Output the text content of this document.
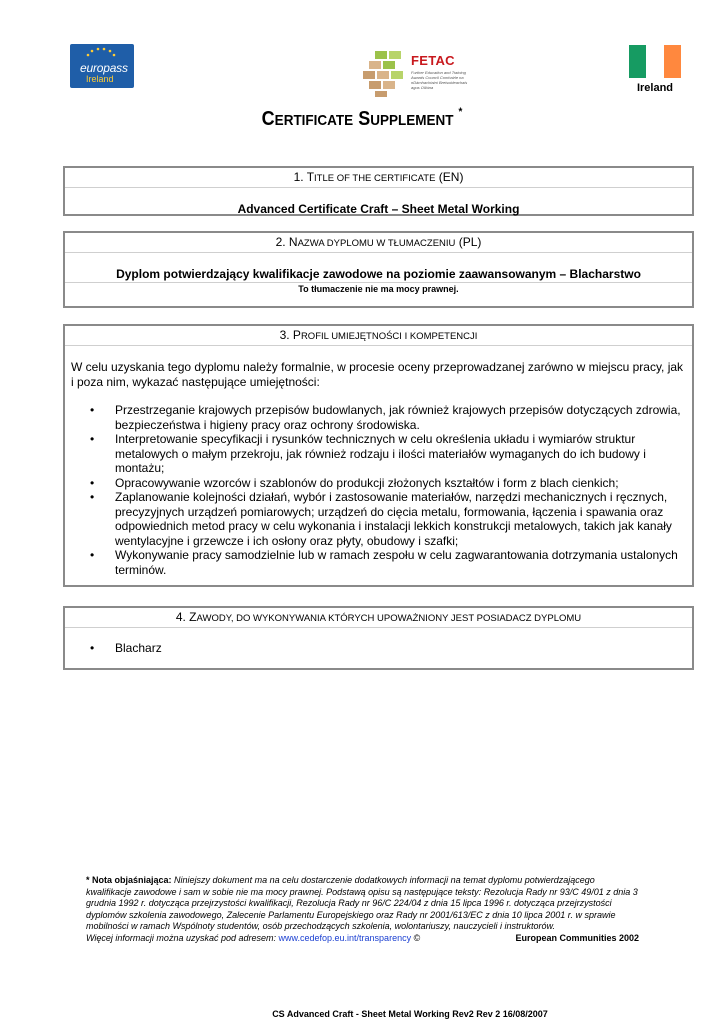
europass
Ireland
FETAC
Further Education and Training Awards Council Comhairle na nDámhachtainí Breisoideachais agus Oiliúna	Ireland
CERTIFICATE SUPPLEMENT *
1. TITLE OF THE CERTIFICATE (EN)
Advanced Certificate Craft – Sheet Metal Working
2. NAZWA DYPLOMU W TŁUMACZENIU (PL)
Dyplom potwierdzający kwalifikacje zawodowe na poziomie zaawansowanym – Blacharstwo
To tłumaczenie nie ma mocy prawnej.
3. PROFIL UMIEJĘTNOŚCI I KOMPETENCJI

W celu uzyskania tego dyplomu należy formalnie, w procesie oceny przeprowadzanej zarówno w miejscu pracy, jak i poza nim, wykazać następujące umiejętności:

• Przestrzeganie krajowych przepisów budowlanych, jak również krajowych przepisów dotyczących zdrowia, bezpieczeństwa i higieny pracy oraz ochrony środowiska.
• Interpretowanie specyfikacji i rysunków technicznych w celu określenia układu i wymiarów struktur metalowych o małym przekroju, jak również rodzaju i ilości materiałów wymaganych do ich budowy i montażu;
• Opracowywanie wzorców i szablonów do produkcji złożonych kształtów i form z blach cienkich;
• Zaplanowanie kolejności działań, wybór i zastosowanie materiałów, narzędzi mechanicznych i ręcznych, precyzyjnych urządzeń pomiarowych; urządzeń do cięcia metalu, formowania, łączenia i spawania oraz odpowiednich metod pracy w celu wykonania i instalacji lekkich konstrukcji metalowych, takich jak kanały wentylacyjne i grzewcze i ich osłony oraz płyty, obudowy i szafki;
• Wykonywanie pracy samodzielnie lub w ramach zespołu w celu zagwarantowania dotrzymania ustalonych terminów.
4. ZAWODY, DO WYKONYWANIA KTÓRYCH UPOWAŻNIONY JEST POSIADACZ DYPLOMU
• Blacharz
* Nota objaśniająca: Niniejszy dokument ma na celu dostarczenie dodatkowych informacji na temat dyplomu potwierdzającego kwalifikacje zawodowe i sam w sobie nie ma mocy prawnej. Podstawą opisu są następujące teksty: Rezolucja Rady nr 93/C 49/01 z dnia 3 grudnia 1992 r. dotycząca przejrzystości kwalifikacji, Rezolucja Rady nr 96/C 224/04 z dnia 15 lipca 1996 r. dotycząca przejrzystości dyplomów szkolenia zawodowego, Zalecenie Parlamentu Europejskiego oraz Rady nr 2001/613/EC z dnia 10 lipca 2001 r. w sprawie mobilności w ramach Wspólnoty studentów, osób przechodzących szkolenia, wolontariuszy, nauczycieli i instruktorów.
Więcej informacji można uzyskać pod adresem: www.cedefop.eu.int/transparency ©	European Communities 2002
CS Advanced Craft - Sheet Metal Working Rev2 Rev 2 16/08/2007
